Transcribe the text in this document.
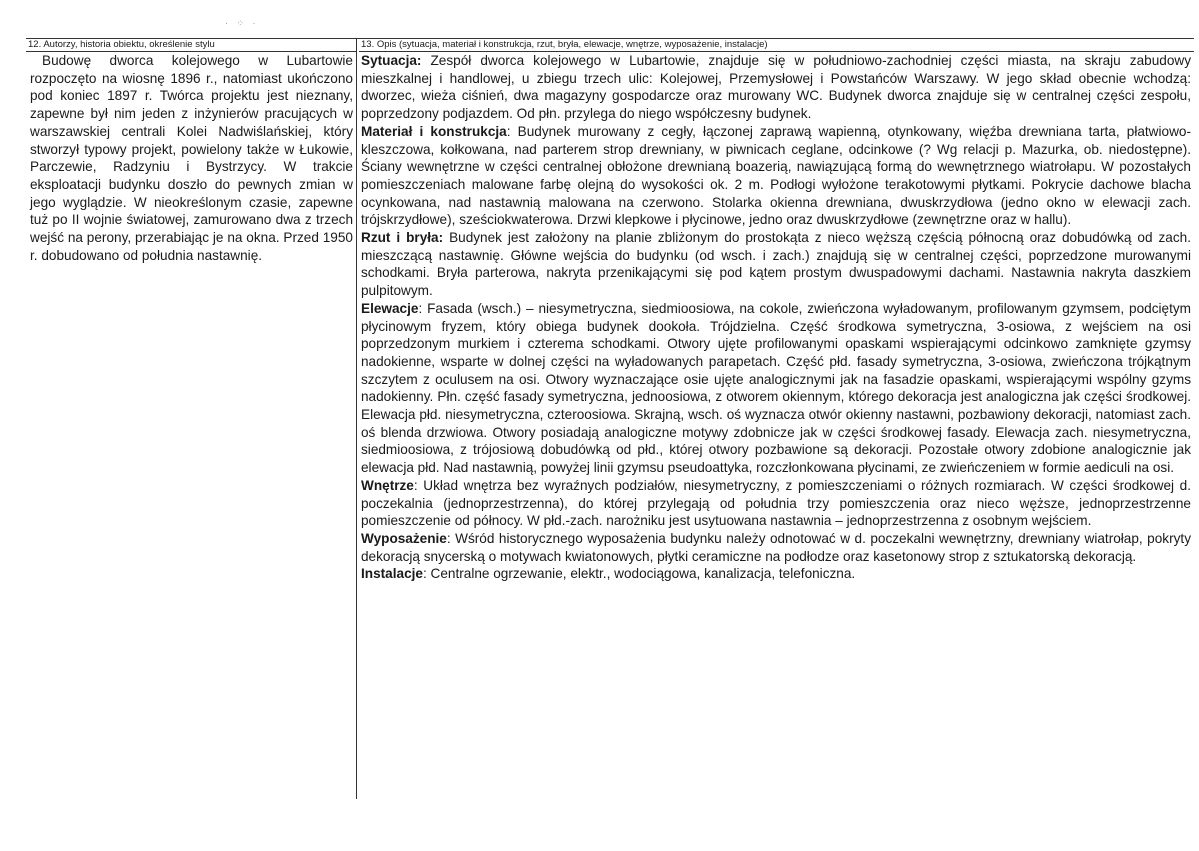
· ⁘ ·
12. Autorzy, historia obiektu, określenie stylu
Budowę dworca kolejowego w Lubartowie rozpoczęto na wiosnę 1896 r., natomiast ukończono pod koniec 1897 r. Twórca projektu jest nieznany, zapewne był nim jeden z inżynierów pracujących w warszawskiej centrali Kolei Nadwiślańskiej, który stworzył typowy projekt, powielony także w Łukowie, Parczewie, Radzyniu i Bystrzycy. W trakcie eksploatacji budynku doszło do pewnych zmian w jego wyglądzie. W nieokreślonym czasie, zapewne tuż po II wojnie światowej, zamurowano dwa z trzech wejść na perony, przerabiając je na okna. Przed 1950 r. dobudowano od południa nastawnię.
13. Opis (sytuacja, materiał i konstrukcja, rzut, bryła, elewacje, wnętrze, wyposażenie, instalacje)

Sytuacja: Zespół dworca kolejowego w Lubartowie, znajduje się w południowo-zachodniej części miasta, na skraju zabudowy mieszkalnej i handlowej, u zbiegu trzech ulic: Kolejowej, Przemysłowej i Powstańców Warszawy. W jego skład obecnie wchodzą: dworzec, wieża ciśnień, dwa magazyny gospodarcze oraz murowany WC. Budynek dworca znajduje się w centralnej części zespołu, poprzedzony podjazdem. Od płn. przylega do niego współczesny budynek.

Materiał i konstrukcja: Budynek murowany z cegły, łączonej zaprawą wapienną, otynkowany, więźba drewniana tarta, płatwiowo-kleszczowa, kołkowana, nad parterem strop drewniany, w piwnicach ceglane, odcinkowe (? Wg relacji p. Mazurka, ob. niedostępne). Ściany wewnętrzne w części centralnej obłożone drewnianą boazerią, nawiązującą formą do wewnętrznego wiatrołapu. W pozostałych pomieszczeniach malowane farbę olejną do wysokości ok. 2 m. Podłogi wyłożone terakotowymi płytkami. Pokrycie dachowe blacha ocynkowana, nad nastawnią malowana na czerwono. Stolarka okienna drewniana, dwuskrzydłowa (jedno okno w elewacji zach. trójskrzydłowe), sześciokwaterowa. Drzwi klepkowe i płycinowe, jedno oraz dwuskrzydłowe (zewnętrzne oraz w hallu).

Rzut i bryła: Budynek jest założony na planie zbliżonym do prostokąta z nieco węższą częścią północną oraz dobudówką od zach. mieszczącą nastawnię. Główne wejścia do budynku (od wsch. i zach.) znajdują się w centralnej części, poprzedzone murowanymi schodkami. Bryła parterowa, nakryta przenikającymi się pod kątem prostym dwuspadowymi dachami. Nastawnia nakryta daszkiem pulpitowym.

Elewacje: Fasada (wsch.) – niesymetryczna, siedmioosiowa, na cokole, zwieńczona wyładowanym, profilowanym gzymsem, podciętym płycinowym fryzem, który obiega budynek dookoła. Trójdzielna. Część środkowa symetryczna, 3-osiowa, z wejściem na osi poprzedzonym murkiem i czterema schodkami. Otwory ujęte profilowanymi opaskami wspierającymi odcinkowo zamknięte gzymsy nadokienne, wsparte w dolnej części na wyładowanych parapetach. Część płd. fasady symetryczna, 3-osiowa, zwieńczona trójkątnym szczytem z oculusem na osi. Otwory wyznaczające osie ujęte analogicznymi jak na fasadzie opaskami, wspierającymi wspólny gzyms nadokienny. Płn. część fasady symetryczna, jednoosiowa, z otworem okiennym, którego dekoracja jest analogiczna jak części środkowej. Elewacja płd. niesymetryczna, czteroosiowa. Skrajną, wsch. oś wyznacza otwór okienny nastawni, pozbawiony dekoracji, natomiast zach. oś blenda drzwiowa. Otwory posiadają analogiczne motywy zdobnicze jak w części środkowej fasady. Elewacja zach. niesymetryczna, siedmioosiowa, z trójosiową dobudówką od płd., której otwory pozbawione są dekoracji. Pozostałe otwory zdobione analogicznie jak elewacja płd. Nad nastawnią, powyżej linii gzymsu pseudoattyka, rozczłonkowana płycinami, ze zwieńczeniem w formie aediculi na osi.

Wnętrze: Układ wnętrza bez wyraźnych podziałów, niesymetryczny, z pomieszczeniami o różnych rozmiarach. W części środkowej d. poczekalnia (jednoprzestrzenna), do której przylegają od południa trzy pomieszczenia oraz nieco węższe, jednoprzestrzenne pomieszczenie od północy. W płd.-zach. narożniku jest usytuowana nastawnia – jednoprzestrzenna z osobnym wejściem.

Wyposażenie: Wśród historycznego wyposażenia budynku należy odnotować w d. poczekalni wewnętrzny, drewniany wiatrołap, pokryty dekoracją snycerską o motywach kwiatonowych, płytki ceramiczne na podłodze oraz kasetonowy strop z sztukatorską dekoracją.

Instalacje: Centralne ogrzewanie, elektr., wodociągowa, kanalizacja, telefoniczna.
